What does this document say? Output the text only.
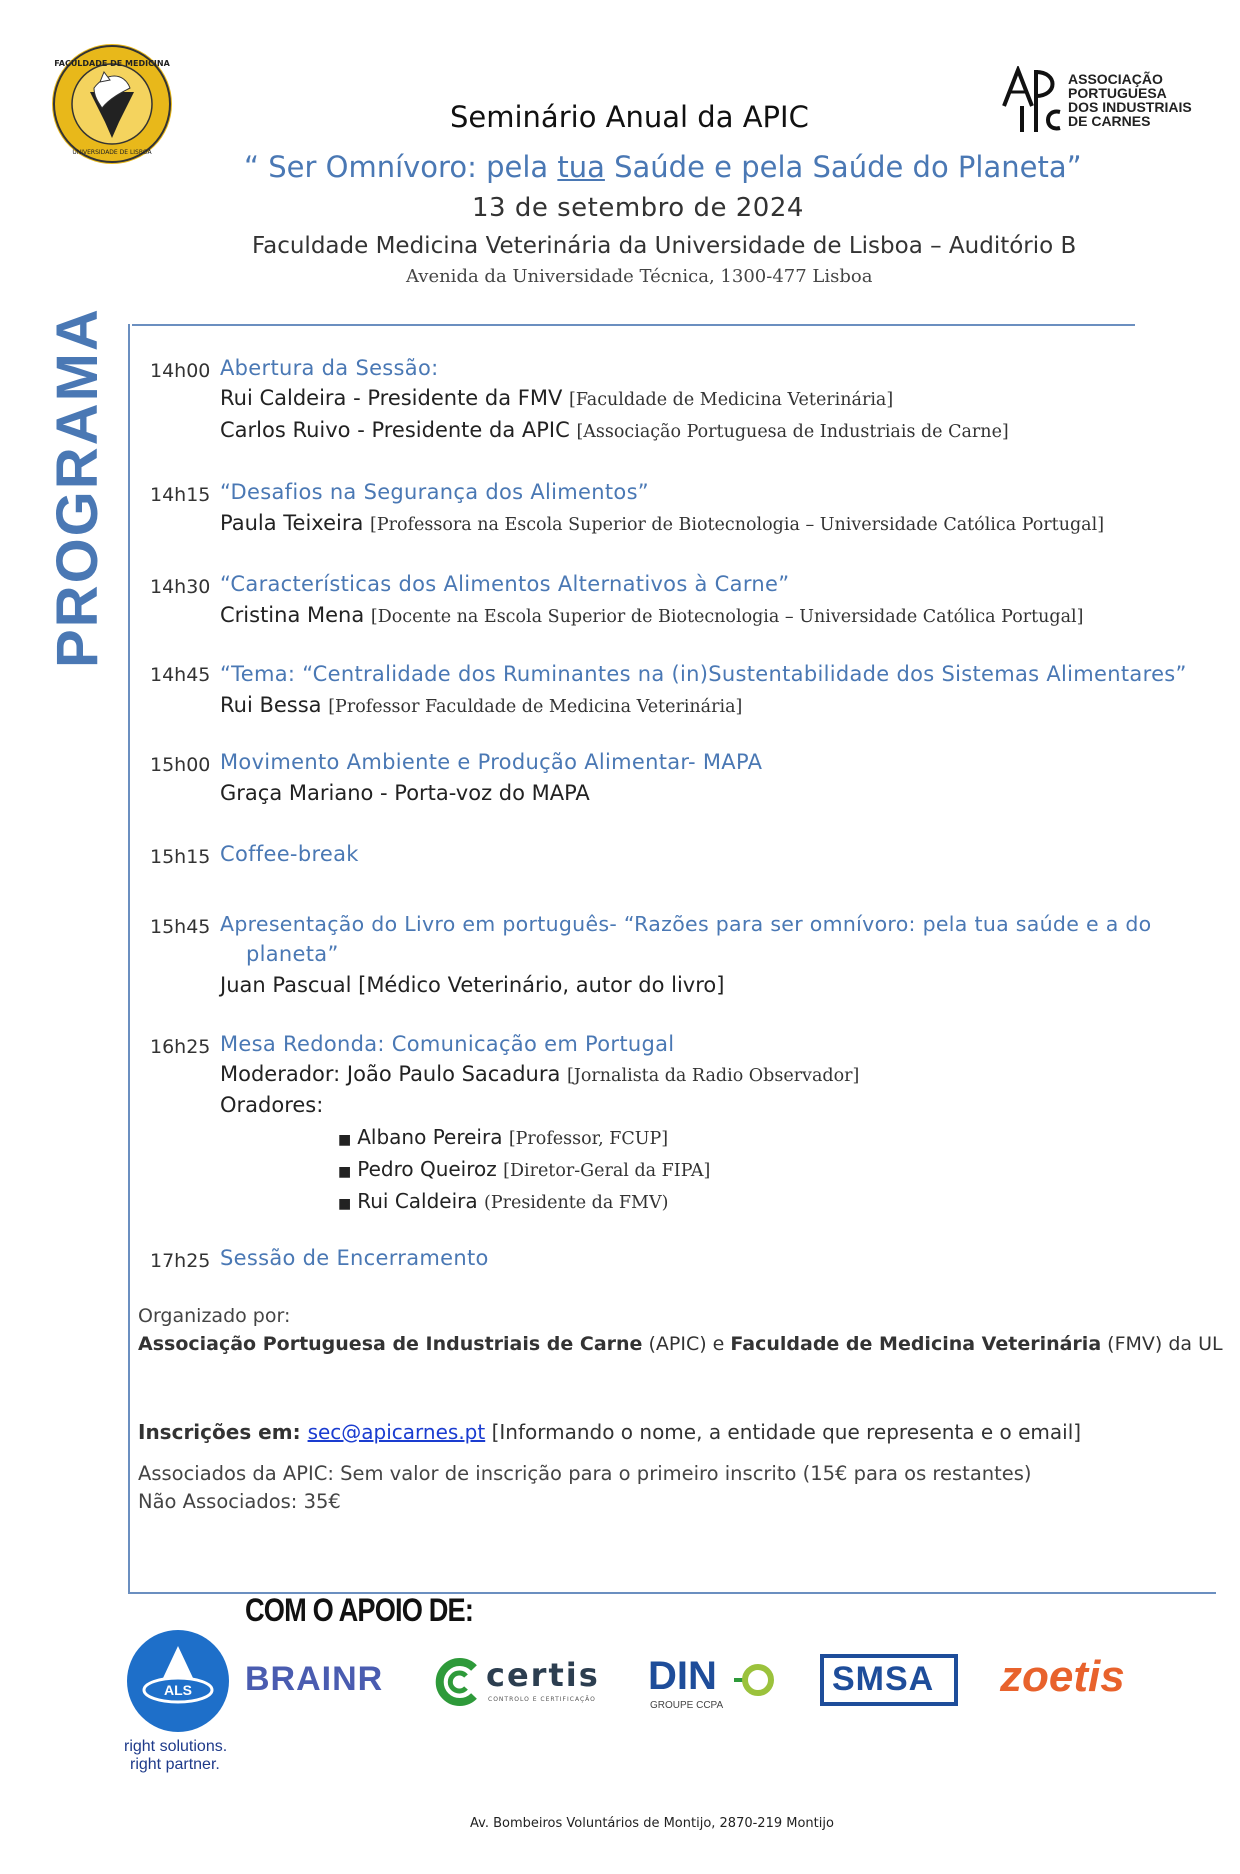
FACULDADE DE MEDICINA
UNIVERSIDADE DE LISBOA
ASSOCIAÇÃO
PORTUGUESA
DOS INDUSTRIAIS
DE CARNES
Seminário Anual da APIC
“ Ser Omnívoro: pela tua Saúde e pela Saúde do Planeta”
13 de setembro de 2024
Faculdade Medicina Veterinária da Universidade de Lisboa – Auditório B
Avenida da Universidade Técnica, 1300-477 Lisboa
PROGRAMA 14h00 Abertura da Sessão:
Rui Caldeira - Presidente da FMV [Faculdade de Medicina Veterinária]
Carlos Ruivo - Presidente da APIC [Associação Portuguesa de Industriais de Carne]
14h15 “Desafios na Segurança dos Alimentos”
Paula Teixeira [Professora na Escola Superior de Biotecnologia – Universidade Católica Portugal]
14h30 “Características dos Alimentos Alternativos à Carne”
Cristina Mena [Docente na Escola Superior de Biotecnologia – Universidade Católica Portugal]
14h45 “Tema: “Centralidade dos Ruminantes na (in)Sustentabilidade dos Sistemas Alimentares”
Rui Bessa [Professor Faculdade de Medicina Veterinária]
15h00 Movimento Ambiente e Produção Alimentar- MAPA
Graça Mariano - Porta-voz do MAPA
15h15 Coffee-break
15h45 Apresentação do Livro em português- “Razões para ser omnívoro: pela tua saúde e a do
planeta”
Juan Pascual [Médico Veterinário, autor do livro]
16h25 Mesa Redonda: Comunicação em Portugal
Moderador: João Paulo Sacadura [Jornalista da Radio Observador]
Oradores:
■ Albano Pereira [Professor, FCUP]
■ Pedro Queiroz [Diretor-Geral da FIPA]
■ Rui Caldeira (Presidente da FMV)
17h25 Sessão de Encerramento
Organizado por:
Associação Portuguesa de Industriais de Carne (APIC) e Faculdade de Medicina Veterinária (FMV) da UL
Inscrições em: sec@apicarnes.pt [Informando o nome, a entidade que representa e o email]
Associados da APIC: Sem valor de inscrição para o primeiro inscrito (15€ para os restantes)
Não Associados: 35€
COM O APOIO DE:
ALS
right solutions.
right partner.
BRAINR	certis
CONTROLO E CERTIFICAÇÃO
DIN
GROUPE CCPA
SMSA zoetis
Av. Bombeiros Voluntários de Montijo, 2870-219 Montijo
